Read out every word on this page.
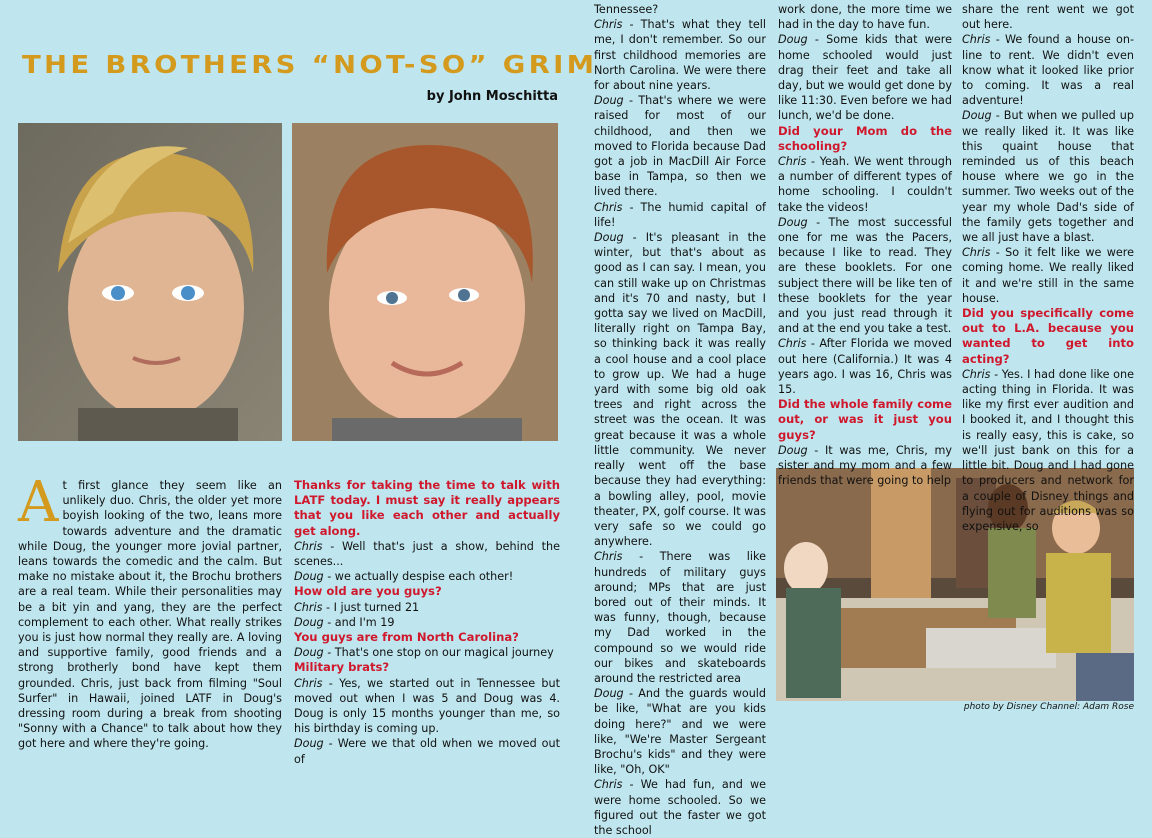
THE BROTHERS “NOT-SO” GRIM
by John Moschitta
photo by Disney Channel: Adam Rose
At first glance they seem like an unlikely duo. Chris, the older yet more boyish looking of the two, leans more towards adventure and the dramatic while Doug, the younger more jovial partner, leans towards the comedic and the calm. But make no mistake about it, the Brochu brothers are a real team. While their personalities may be a bit yin and yang, they are the perfect complement to each other. What really strikes you is just how normal they really are. A loving and supportive family, good friends and a strong brotherly bond have kept them grounded. Chris, just back from filming "Soul Surfer" in Hawaii, joined LATF in Doug's dressing room during a break from shooting "Sonny with a Chance" to talk about how they got here and where they're going.

Thanks for taking the time to talk with LATF today. I must say it really appears that you like each other and actually get along.

Chris - Well that's just a show, behind the scenes...

Doug - we actually despise each other!

How old are you guys?

Chris - I just turned 21

Doug - and I'm 19

You guys are from North Carolina?

Doug - That's one stop on our magical journey

Military brats?

Chris - Yes, we started out in Tennessee but moved out when I was 5 and Doug was 4. Doug is only 15 months younger than me, so his birthday is coming up.

Doug - Were we that old when we moved out of

Tennessee?

Chris - That's what they tell me, I don't remember. So our first childhood memories are North Carolina. We were there for about nine years.

Doug - That's where we were raised for most of our childhood, and then we moved to Florida because Dad got a job in MacDill Air Force base in Tampa, so then we lived there.

Chris - The humid capital of life!

Doug - It's pleasant in the winter, but that's about as good as I can say. I mean, you can still wake up on Christmas and it's 70 and nasty, but I gotta say we lived on MacDill, literally right on Tampa Bay, so thinking back it was really a cool house and a cool place to grow up. We had a huge yard with some big old oak trees and right across the street was the ocean. It was great because it was a whole little community. We never really went off the base because they had everything: a bowling alley, pool, movie theater, PX, golf course. It was very safe so we could go anywhere.

Chris - There was like hundreds of military guys around; MPs that are just bored out of their minds. It was funny, though, because my Dad worked in the compound so we would ride our bikes and skateboards around the restricted area

Doug - And the guards would be like, "What are you kids doing here?" and we were like, "We're Master Sergeant Brochu's kids" and they were like, "Oh, OK"

Chris - We had fun, and we were home schooled. So we figured out the faster we got the school

work done, the more time we had in the day to have fun.

Doug - Some kids that were home schooled would just drag their feet and take all day, but we would get done by like 11:30. Even before we had lunch, we'd be done.

Did your Mom do the schooling?

Chris - Yeah. We went through a number of different types of home schooling. I couldn't take the videos!

Doug - The most successful one for me was the Pacers, because I like to read. They are these booklets. For one subject there will be like ten of these booklets for the year and you just read through it and at the end you take a test.

Chris - After Florida we moved out here (California.) It was 4 years ago. I was 16, Chris was 15.

Did the whole family come out, or was it just you guys?

Doug - It was me, Chris, my sister and my mom and a few friends that were going to help

share the rent went we got out here.

Chris - We found a house on-line to rent. We didn't even know what it looked like prior to coming. It was a real adventure!

Doug - But when we pulled up we really liked it. It was like this quaint house that reminded us of this beach house where we go in the summer. Two weeks out of the year my whole Dad's side of the family gets together and we all just have a blast.

Chris - So it felt like we were coming home. We really liked it and we're still in the same house.

Did you specifically come out to L.A. because you wanted to get into acting?

Chris - Yes. I had done like one acting thing in Florida. It was like my first ever audition and I booked it, and I thought this is really easy, this is cake, so we'll just bank on this for a little bit. Doug and I had gone to producers and network for a couple of Disney things and flying out for auditions was so expensive, so
